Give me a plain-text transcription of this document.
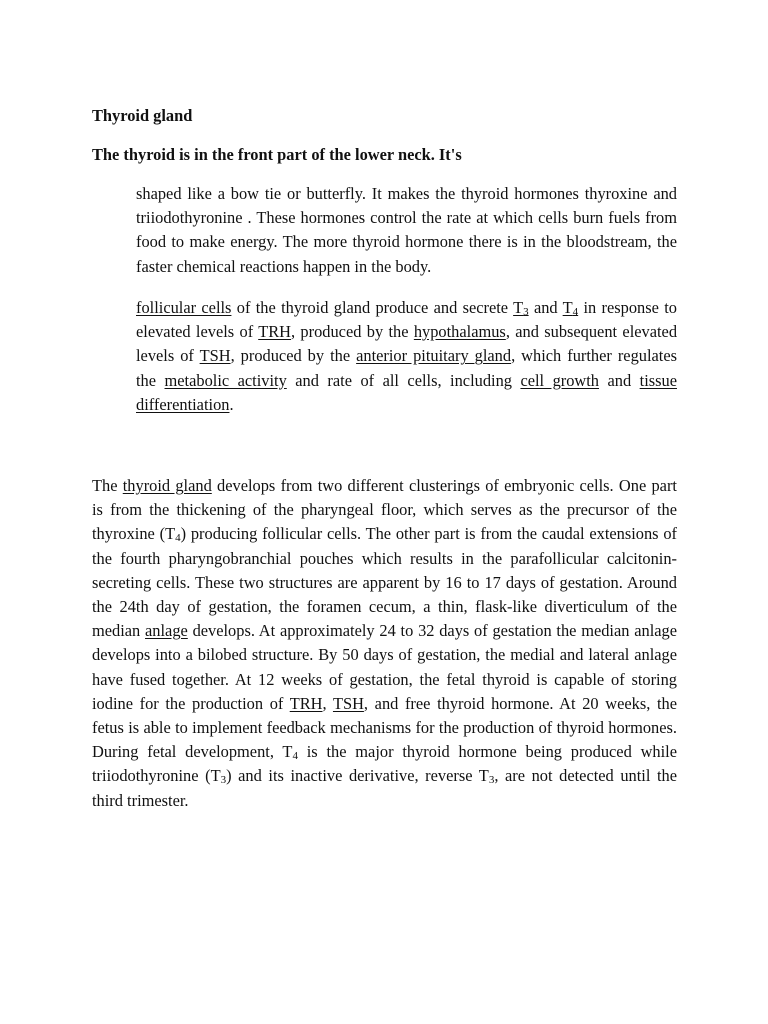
Thyroid gland

The thyroid is in the front part of the lower neck. It's

shaped like a bow tie or butterfly. It makes the thyroid hormones thyroxine and triiodothyronine . These hormones control the rate at which cells burn fuels from food to make energy. The more thyroid hormone there is in the bloodstream, the faster chemical reactions happen in the body.

follicular cells of the thyroid gland produce and secrete $T_3$ and $T_4$ in response to elevated levels of TRH, produced by the hypothalamus, and subsequent elevated levels of TSH, produced by the anterior pituitary gland, which further regulates the metabolic activity and rate of all cells, including cell growth and tissue differentiation.

The thyroid gland develops from two different clusterings of embryonic cells. One part is from the thickening of the pharyngeal floor, which serves as the precursor of the thyroxine $(T_4)$ producing follicular cells. The other part is from the caudal extensions of the fourth pharyngobranchial pouches which results in the parafollicular calcitonin-secreting cells. These two structures are apparent by 16 to 17 days of gestation. Around the 24th day of gestation, the foramen cecum, a thin, flask-like diverticulum of the median anlage develops. At approximately 24 to 32 days of gestation the median anlage develops into a bilobed structure. By 50 days of gestation, the medial and lateral anlage have fused together. At 12 weeks of gestation, the fetal thyroid is capable of storing iodine for the production of TRH, TSH, and free thyroid hormone. At 20 weeks, the fetus is able to implement feedback mechanisms for the production of thyroid hormones. During fetal development, $T_4$ is the major thyroid hormone being produced while triiodothyronine $(T_3)$ and its inactive derivative, reverse $T_3$, are not detected until the third trimester.
